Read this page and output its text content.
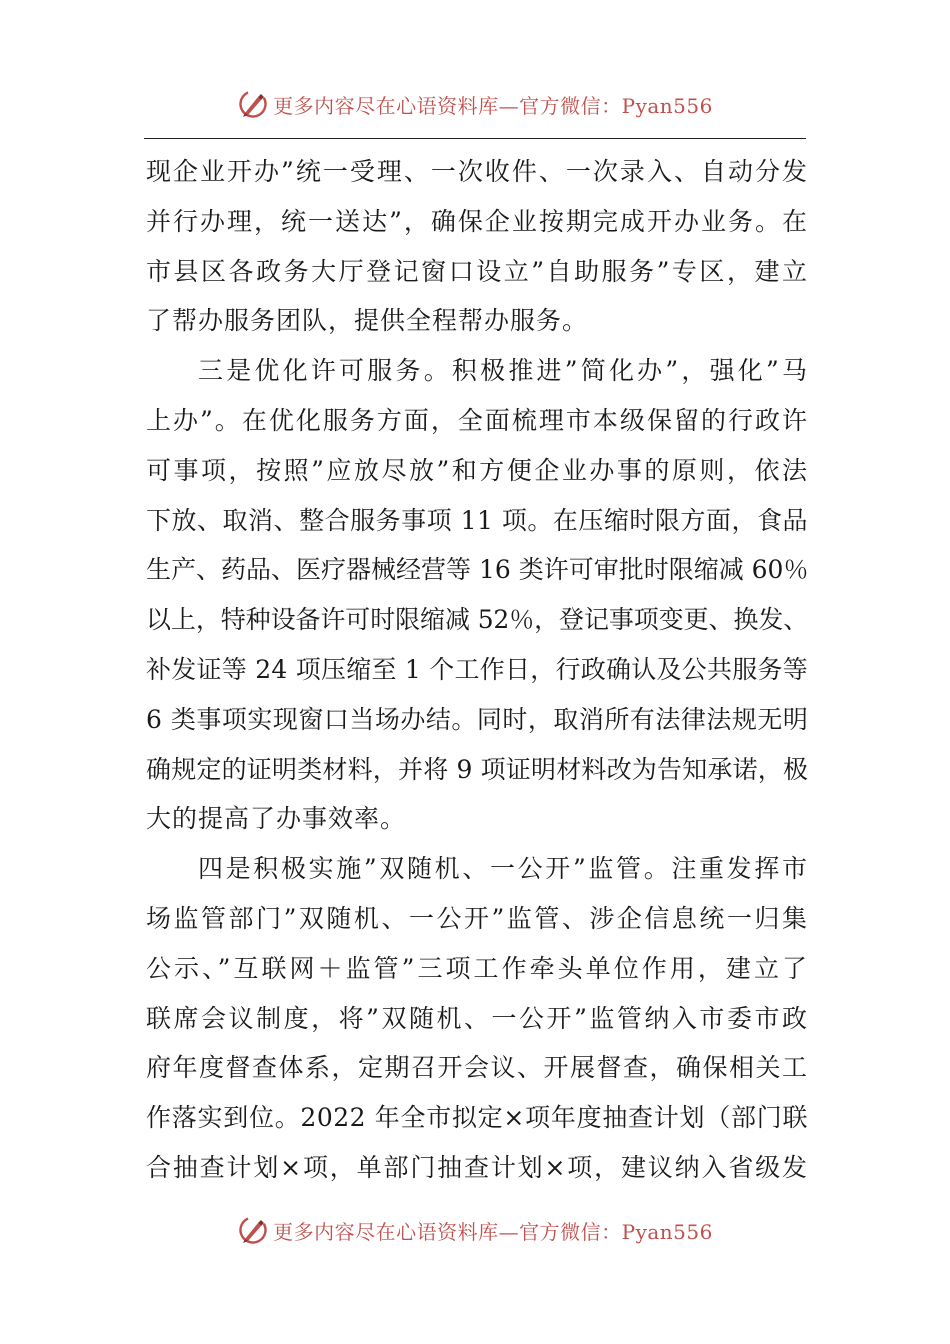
更多内容尽在心语资料库—官方微信：Pyan556
现企业开办”统一受理、一次收件、一次录入、自动分发
并行办理，统一送达”，确保企业按期完成开办业务。在
市县区各政务大厅登记窗口设立”自助服务”专区，建立
了帮办服务团队，提供全程帮办服务。
三是优化许可服务。积极推进”简化办”，强化”马
上办”。在优化服务方面，全面梳理市本级保留的行政许
可事项，按照”应放尽放”和方便企业办事的原则，依法
下放、取消、整合服务事项 11 项。在压缩时限方面，食品
生产、药品、医疗器械经营等 16 类许可审批时限缩减 60％
以上，特种设备许可时限缩减 52％，登记事项变更、换发、
补发证等 24 项压缩至 1 个工作日，行政确认及公共服务等
6 类事项实现窗口当场办结。同时，取消所有法律法规无明
确规定的证明类材料，并将 9 项证明材料改为告知承诺，极
大的提高了办事效率。
四是积极实施”双随机、一公开”监管。注重发挥市
场监管部门”双随机、一公开”监管、涉企信息统一归集
公示、”互联网＋监管”三项工作牵头单位作用，建立了
联席会议制度，将”双随机、一公开”监管纳入市委市政
府年度督查体系，定期召开会议、开展督查，确保相关工
作落实到位。2022 年全市拟定×项年度抽查计划（部门联
合抽查计划×项，单部门抽查计划×项，建议纳入省级发
更多内容尽在心语资料库—官方微信：Pyan556
